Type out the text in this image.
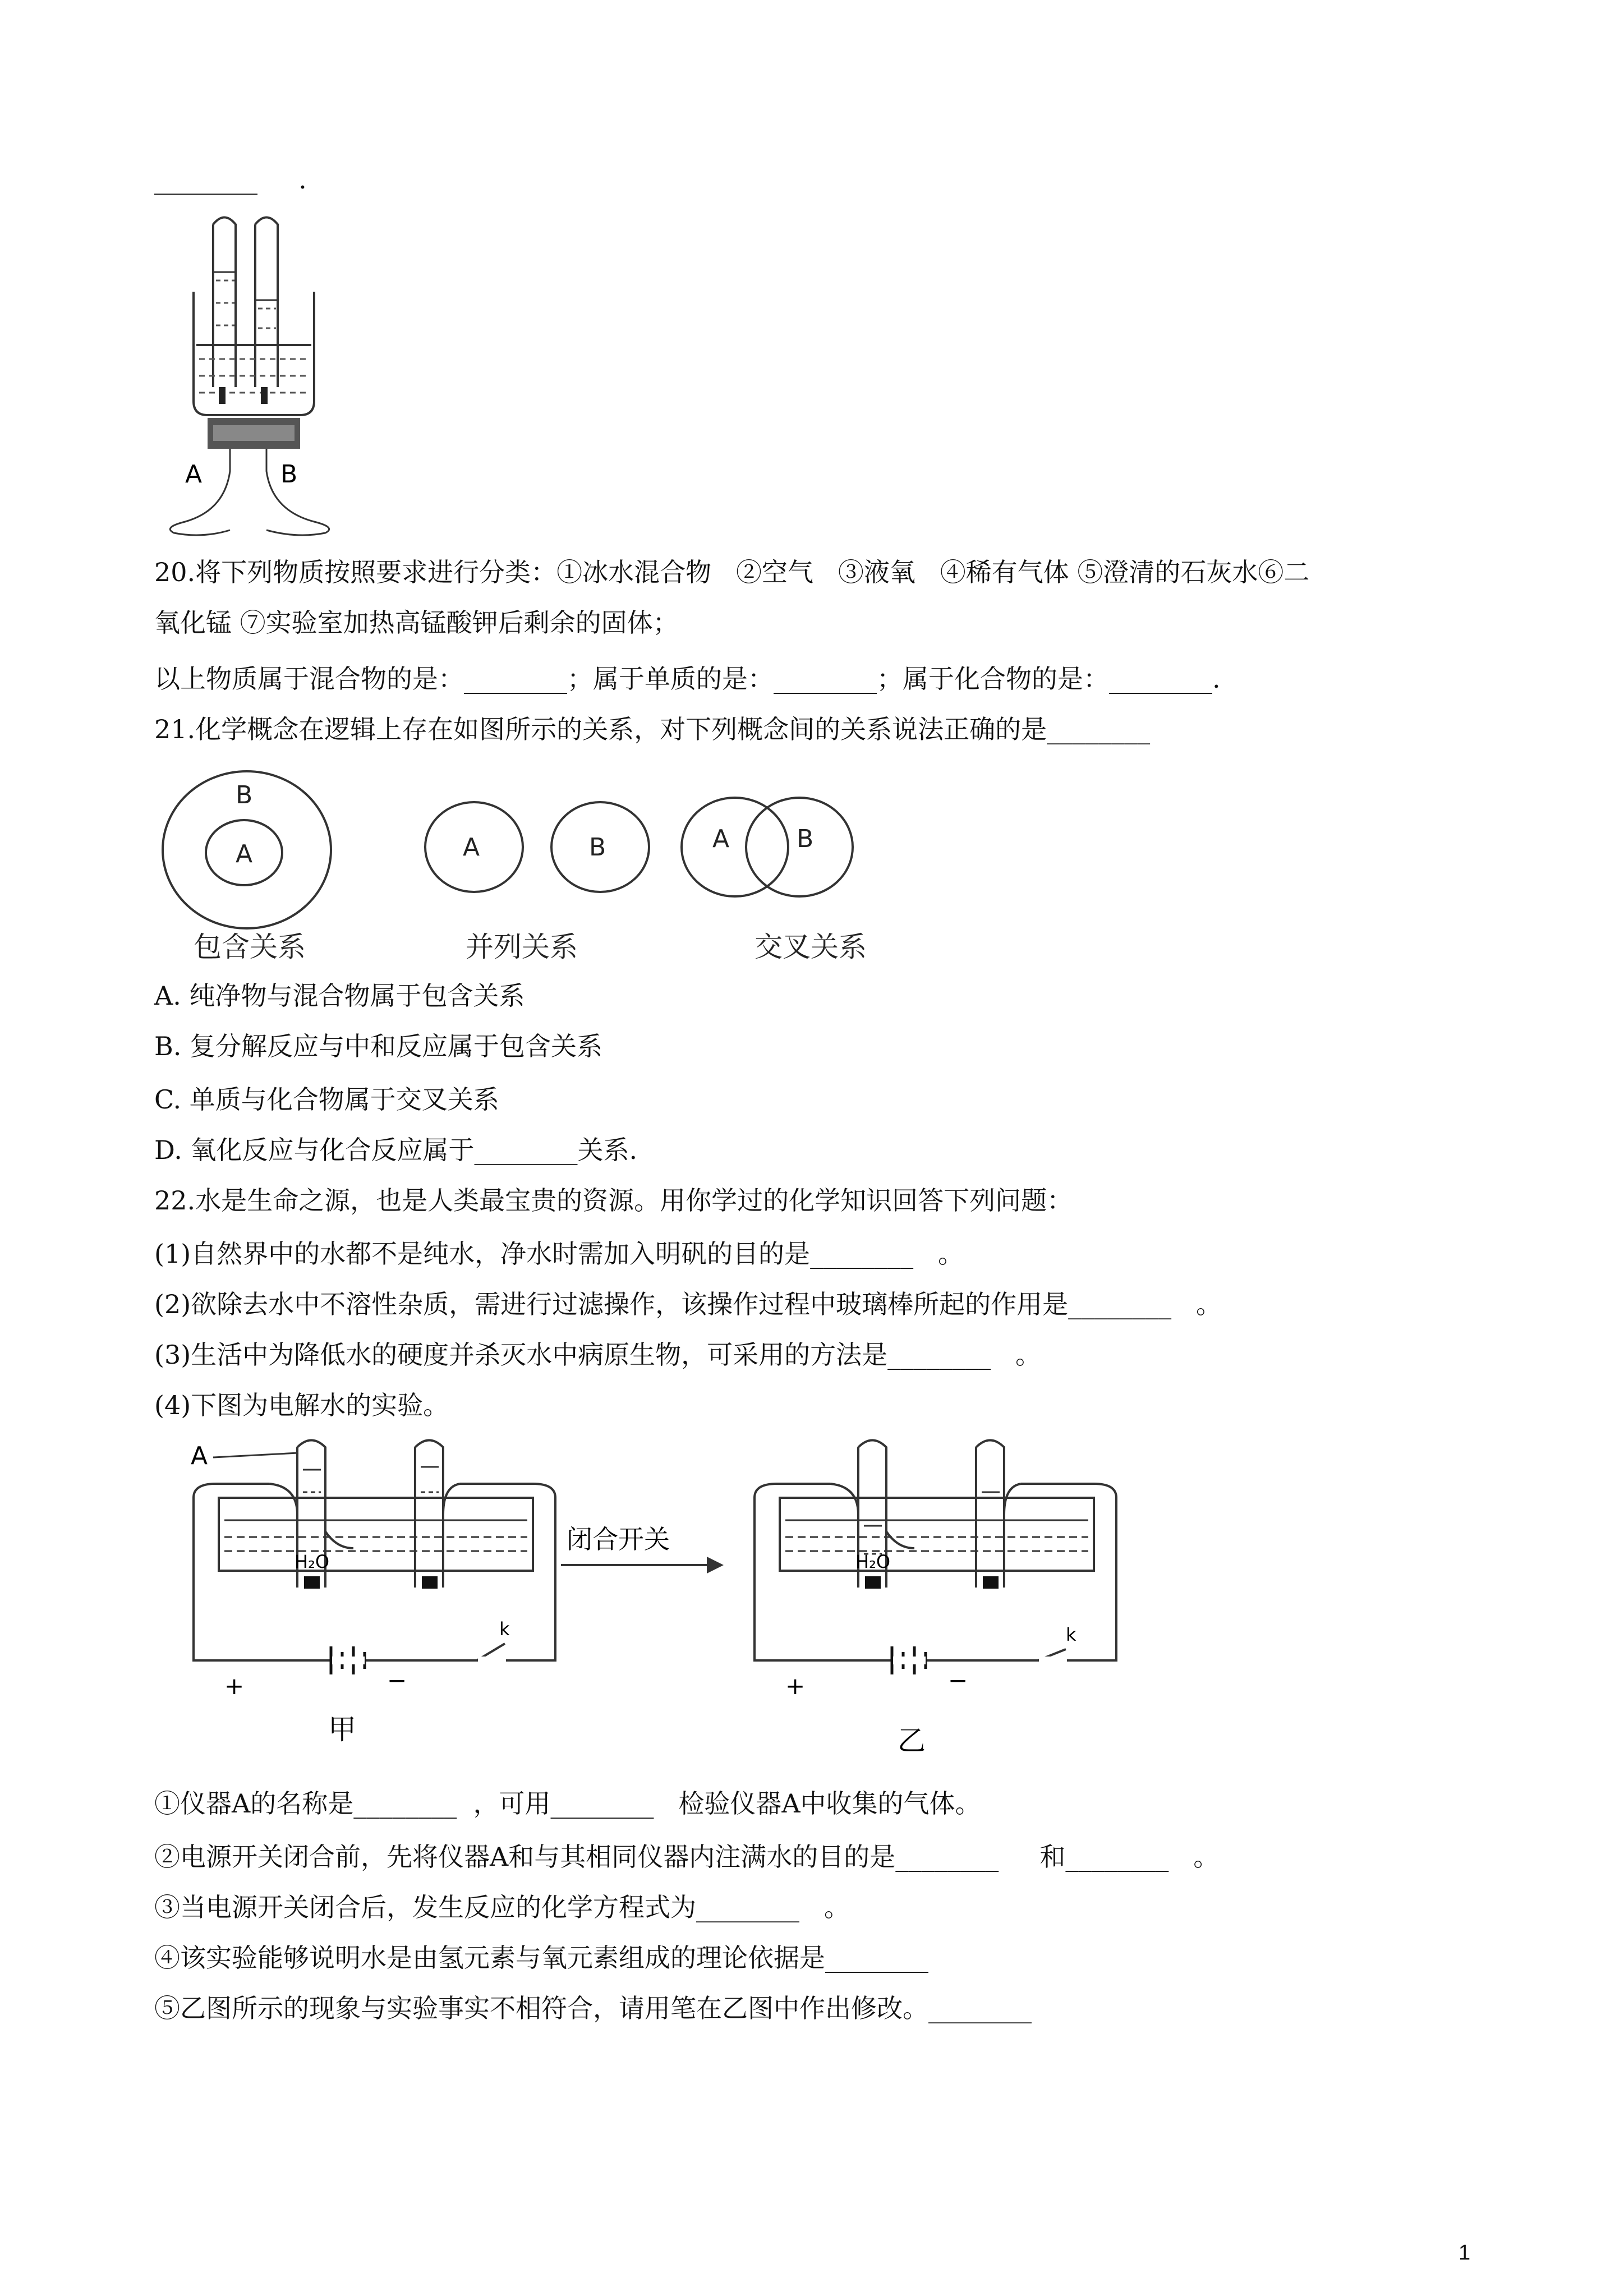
________     .
A	B
20.将下列物质按照要求进行分类：①冰水混合物   ②空气   ③液氧   ④稀有气体 ⑤澄清的石灰水⑥二
氧化锰 ⑦实验室加热高锰酸钾后剩余的固体；
以上物质属于混合物的是：________；属于单质的是：________；属于化合物的是：________.
21.化学概念在逻辑上存在如图所示的关系，对下列概念间的关系说法正确的是________
B
A	A	B	A	B
包含关系	并列关系	交叉关系
A. 纯净物与混合物属于包含关系
B. 复分解反应与中和反应属于包含关系
C. 单质与化合物属于交叉关系
D. 氧化反应与化合反应属于________关系.
22.水是生命之源，也是人类最宝贵的资源。用你学过的化学知识回答下列问题：
(1)自然界中的水都不是纯水，净水时需加入明矾的目的是________   。
(2)欲除去水中不溶性杂质，需进行过滤操作，该操作过程中玻璃棒所起的作用是________   。
(3)生活中为降低水的硬度并杀灭水中病原生物，可采用的方法是________   。
(4)下图为电解水的实验。
+	−
k
H₂O
甲
A
闭合开关
+	−
k
H₂O
乙
①仪器A的名称是________  ，可用________   检验仪器A中收集的气体。
②电源开关闭合前，先将仪器A和与其相同仪器内注满水的目的是________     和________   。
③当电源开关闭合后，发生反应的化学方程式为________   。
④该实验能够说明水是由氢元素与氧元素组成的理论依据是________
⑤乙图所示的现象与实验事实不相符合，请用笔在乙图中作出修改。________
1
